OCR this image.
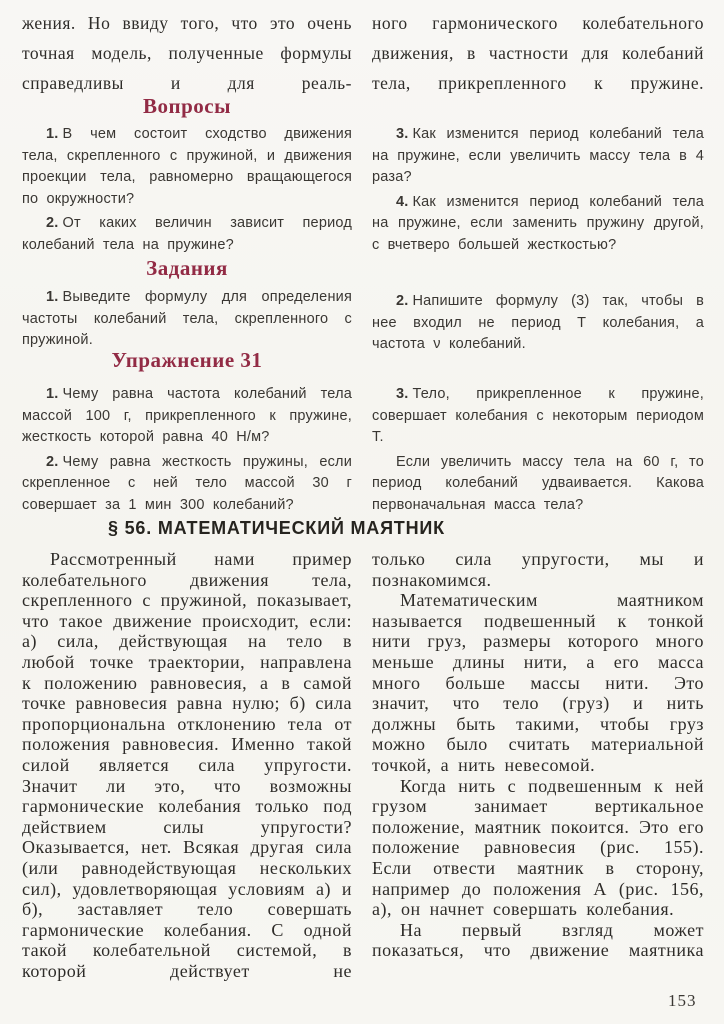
жения. Но ввиду того, что это очень точная модель, полученные формулы справедливы и для реаль-
ного гармонического колебательного движения, в частности для колебаний тела, прикрепленного к пружине.
Вопросы

1. В чем состоит сходство движения тела, скрепленного с пружиной, и движения проекции тела, равномерно вращающегося по окружности?

2. От каких величин зависит период колебаний тела на пружине?

3. Как изменится период колебаний тела на пружине, если увеличить массу тела в 4 раза?

4. Как изменится период колебаний тела на пружине, если заменить пружину другой, с вчетверо большей жесткостью?

Задания

1. Выведите формулу для определения частоты колебаний тела, скрепленного с пружиной.

2. Напишите формулу (3) так, чтобы в нее входил не период Т колебания, а частота ν колебаний.

Упражнение 31

1. Чему равна частота колебаний тела массой 100 г, прикрепленного к пружине, жесткость которой равна 40 Н/м?

2. Чему равна жесткость пружины, если скрепленное с ней тело массой 30 г совершает за 1 мин 300 колебаний?

3. Тело, прикрепленное к пружине, совершает колебания с некоторым периодом Т.

Если увеличить массу тела на 60 г, то период колебаний удваивается. Какова первоначальная масса тела?

§ 56. МАТЕМАТИЧЕСКИЙ МАЯТНИК

Рассмотренный нами пример колебательного движения тела, скрепленного с пружиной, показывает, что такое движение происходит, если: а) сила, действующая на тело в любой точке траектории, направлена к положению равновесия, а в самой точке равновесия равна нулю; б) сила пропорциональна отклонению тела от положения равновесия. Именно такой силой является сила упругости. Значит ли это, что возможны гармонические колебания только под действием силы упругости? Оказывается, нет. Всякая другая сила (или равнодействующая нескольких сил), удовлетворяющая условиям а) и б), заставляет тело совершать гармонические колебания. С одной такой колебательной системой, в которой действует не

только сила упругости, мы и познакомимся.

Математическим маятником называется подвешенный к тонкой нити груз, размеры которого много меньше длины нити, а его масса много больше массы нити. Это значит, что тело (груз) и нить должны быть такими, чтобы груз можно было считать материальной точкой, а нить невесомой.

Когда нить с подвешенным к ней грузом занимает вертикальное положение, маятник покоится. Это его положение равновесия (рис. 155). Если отвести маятник в сторону, например до положения А (рис. 156, а), он начнет совершать колебания.

На первый взгляд может показаться, что движение маятника

153
